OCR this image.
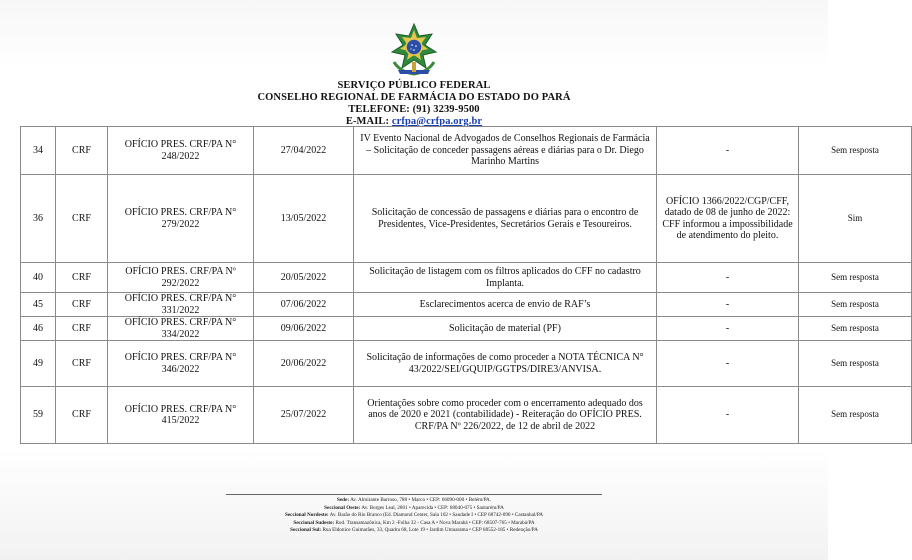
SERVIÇO PÚBLICO FEDERAL
CONSELHO REGIONAL DE FARMÁCIA DO ESTADO DO PARÁ
TELEFONE: (91) 3239-9500
E-MAIL: crfpa@crfpa.org.br
34	CRF	OFÍCIO PRES. CRF/PA N° 248/2022	27/04/2022	IV Evento Nacional de Advogados de Conselhos Regionais de Farmácia – Solicitação de conceder passagens aéreas e diárias para o Dr. Diego Marinho Martins	-	Sem resposta
36	CRF	OFÍCIO PRES. CRF/PA N° 279/2022	13/05/2022	Solicitação de concessão de passagens e diárias para o encontro de Presidentes, Vice-Presidentes, Secretários Gerais e Tesoureiros.	OFÍCIO 1366/2022/CGP/CFF, datado de 08 de junho de 2022: CFF informou a impossibilidade de atendimento do pleito.	Sim
40	CRF	OFÍCIO PRES. CRF/PA Nº 292/2022	20/05/2022	Solicitação de listagem com os filtros aplicados do CFF no cadastro Implanta.	-	Sem resposta
45	CRF	OFÍCIO PRES. CRF/PA N° 331/2022	07/06/2022	Esclarecimentos acerca de envio de RAF’s	-	Sem resposta
46	CRF	OFÍCIO PRES. CRF/PA N° 334/2022	09/06/2022	Solicitação de material (PF)	-	Sem resposta
49	CRF	OFÍCIO PRES. CRF/PA N° 346/2022	20/06/2022	Solicitação de informações de como proceder a NOTA TÉCNICA N° 43/2022/SEI/GQUIP/GGTPS/DIRE3/ANVISA.	-	Sem resposta
59	CRF	OFÍCIO PRES. CRF/PA N° 415/2022	25/07/2022	Orientações sobre como proceder com o encerramento adequado dos anos de 2020 e 2021 (contabilidade) - Reiteração do OFÍCIO PRES. CRF/PA Nº 226/2022, de 12 de abril de 2022	-	Sem resposta
Sede: Av. Almirante Barroso, 788 • Marco • CEP: 66090-000 • Belém/PA.
Seccional Oeste: Av. Borges Leal, 2801 • Aparecida • CEP: 68040-075 • Santarém/PA
Seccional Nordeste: Av. Barão do Rio Branco (Ed. Diamond Center, Sala 102 • Saudade I • CEP 68742-090 • Castanhal/PA
Seccional Sudeste: Rod. Transamazônica, Km 2 -Folha 32 - Casa A • Nova Marabá • CEP: 68507-765 • Marabá/PA
Seccional Sul: Rua Eldonice Guimarães, 33, Quadra 68, Lote 19 • Jardim Umuarama • CEP 68552-185 • Redenção/PA
